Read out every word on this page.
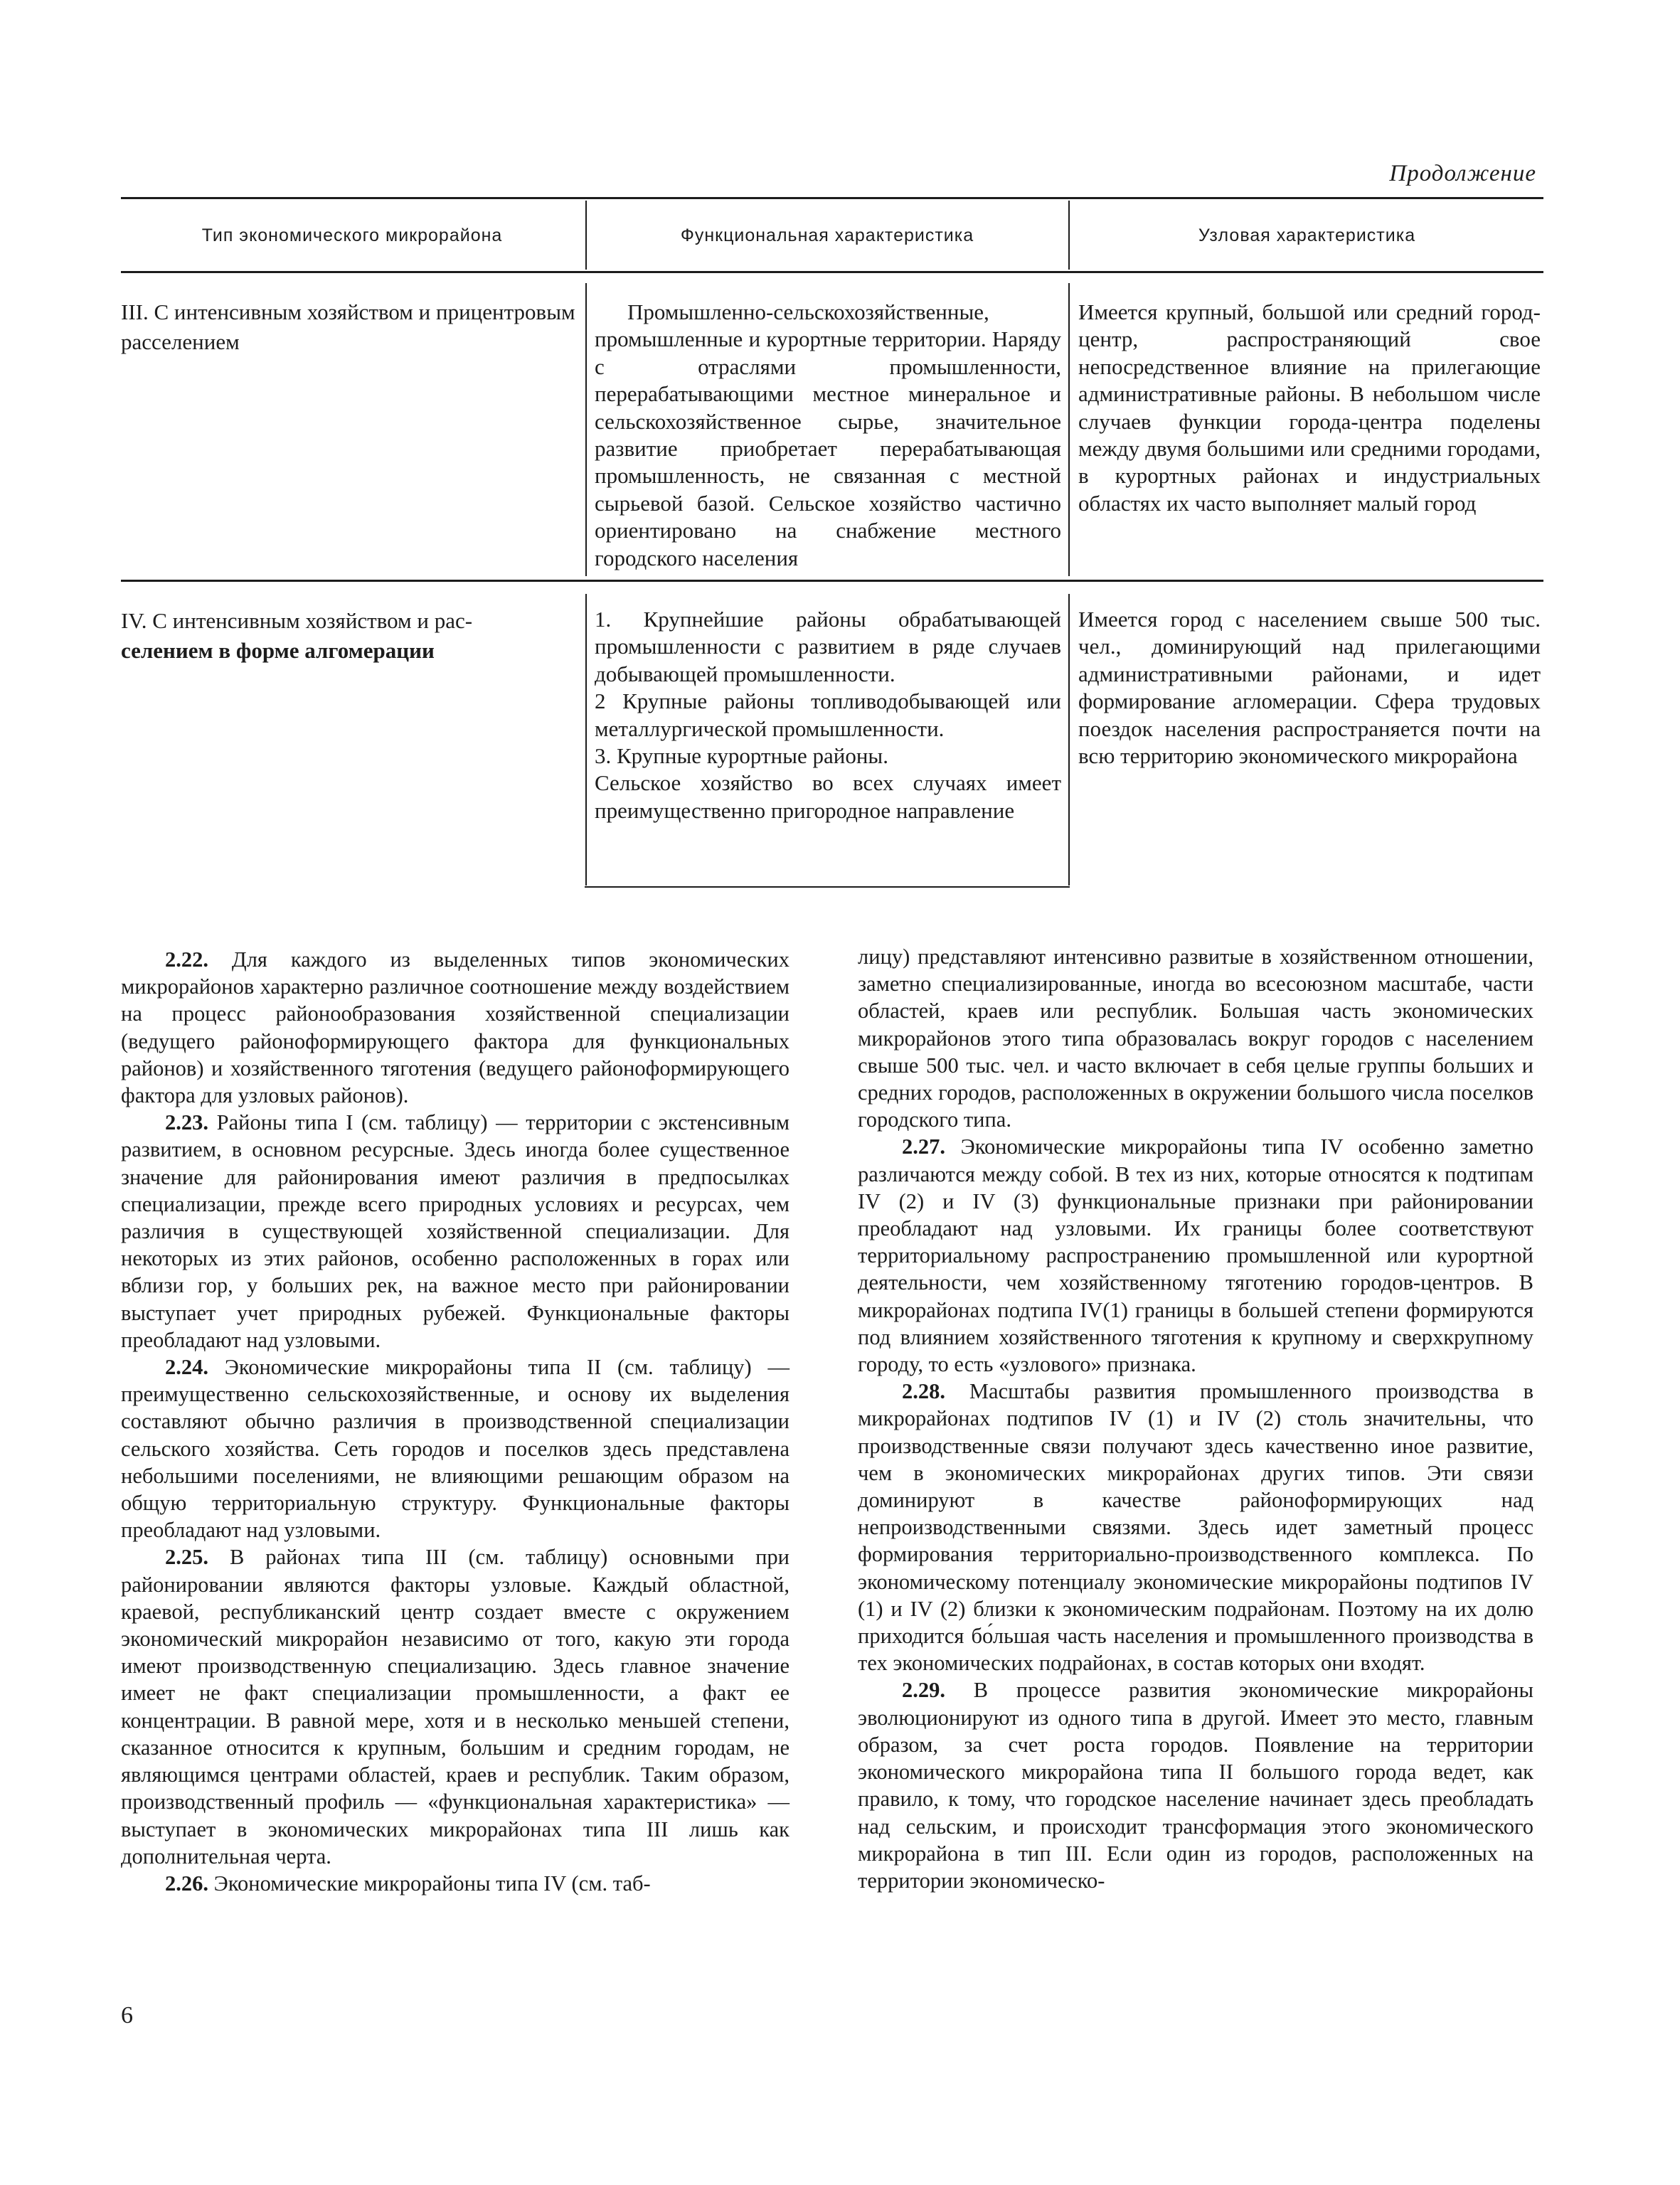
Продолжение
Тип экономического микрорайона	Функциональная характеристика	Узловая характеристика
III. С интенсивным хозяйством и прицентровым расселением
Промышленно-сельскохозяйственные, промышленные и курортные территории. Наряду с отраслями промышленности, перерабатывающими местное минеральное и сельскохозяйственное сырье, значительное развитие приобретает перерабатывающая промышленность, не связанная с местной сырьевой базой. Сельское хозяйство частично ориентировано на снабжение местного городского населения
Имеется крупный, большой или средний город-центр, распространяющий свое непосредственное влияние на прилегающие административные районы. В небольшом числе случаев функции города-центра поделены между двумя большими или средними городами, в курортных районах и индустриальных областях их часто выполняет малый город
IV. С интенсивным хозяйством и рас-
селением в форме алгомерации
1. Крупнейшие районы обрабатывающей промышленности с развитием в ряде случаев добывающей промышленности.
2 Крупные районы топливодобывающей или металлургической промышленности.
3. Крупные курортные районы.
Сельское хозяйство во всех случаях имеет преимущественно пригородное направление
Имеется город с населением свыше 500 тыс. чел., доминирующий над прилегающими административными районами, и идет формирование агломерации. Сфера трудовых поездок населения распространяется почти на всю территорию экономического микрорайона

2.22. Для каждого из выделенных типов экономических микрорайонов характерно различное соотношение между воздействием на процесс районообразования хозяйственной специализации (ведущего районоформирующего фактора для функциональных районов) и хозяйственного тяготения (ведущего районоформирующего фактора для узловых районов).

2.23. Районы типа I (см. таблицу) — территории с экстенсивным развитием, в основном ресурсные. Здесь иногда более существенное значение для районирования имеют различия в предпосылках специализации, прежде всего природных условиях и ресурсах, чем различия в существующей хозяйственной специализации. Для некоторых из этих районов, особенно расположенных в горах или вблизи гор, у больших рек, на важное место при районировании выступает учет природных рубежей. Функциональные факторы преобладают над узловыми.

2.24. Экономические микрорайоны типа II (см. таблицу) — преимущественно сельскохозяйственные, и основу их выделения составляют обычно различия в производственной специализации сельского хозяйства. Сеть городов и поселков здесь представлена небольшими поселениями, не влияющими решающим образом на общую территориальную структуру. Функциональные факторы преобладают над узловыми.

2.25. В районах типа III (см. таблицу) основными при районировании являются факторы узловые. Каждый областной, краевой, республиканский центр создает вместе с окружением экономический микрорайон независимо от того, какую эти города имеют производственную специализацию. Здесь главное значение имеет не факт специализации промышленности, а факт ее концентрации. В равной мере, хотя и в несколько меньшей степени, сказанное относится к крупным, большим и средним городам, не являющимся центрами областей, краев и республик. Таким образом, производственный профиль — «функциональная характеристика» — выступает в экономических микрорайонах типа III лишь как дополнительная черта.

2.26. Экономические микрорайоны типа IV (см. таб-

лицу) представляют интенсивно развитые в хозяйственном отношении, заметно специализированные, иногда во всесоюзном масштабе, части областей, краев или республик. Большая часть экономических микрорайонов этого типа образовалась вокруг городов с населением свыше 500 тыс. чел. и часто включает в себя целые группы больших и средних городов, расположенных в окружении большого числа поселков городского типа.

2.27. Экономические микрорайоны типа IV особенно заметно различаются между собой. В тех из них, которые относятся к подтипам IV (2) и IV (3) функциональные признаки при районировании преобладают над узловыми. Их границы более соответствуют территориальному распространению промышленной или курортной деятельности, чем хозяйственному тяготению городов-центров. В микрорайонах подтипа IV(1) границы в большей степени формируются под влиянием хозяйственного тяготения к крупному и сверхкрупному городу, то есть «узлового» признака.

2.28. Масштабы развития промышленного производства в микрорайонах подтипов IV (1) и IV (2) столь значительны, что производственные связи получают здесь качественно иное развитие, чем в экономических микрорайонах других типов. Эти связи доминируют в качестве районоформирующих над непроизводственными связями. Здесь идет заметный процесс формирования территориально-производственного комплекса. По экономическому потенциалу экономические микрорайоны подтипов IV (1) и IV (2) близки к экономическим подрайонам. Поэтому на их долю приходится бо́льшая часть населения и промышленного производства в тех экономических подрайонах, в состав которых они входят.

2.29. В процессе развития экономические микрорайоны эволюционируют из одного типа в другой. Имеет это место, главным образом, за счет роста городов. Появление на территории экономического микрорайона типа II большого города ведет, как правило, к тому, что городское население начинает здесь преобладать над сельским, и происходит трансформация этого экономического микрорайона в тип III. Если один из городов, расположенных на территории экономическо-

6
